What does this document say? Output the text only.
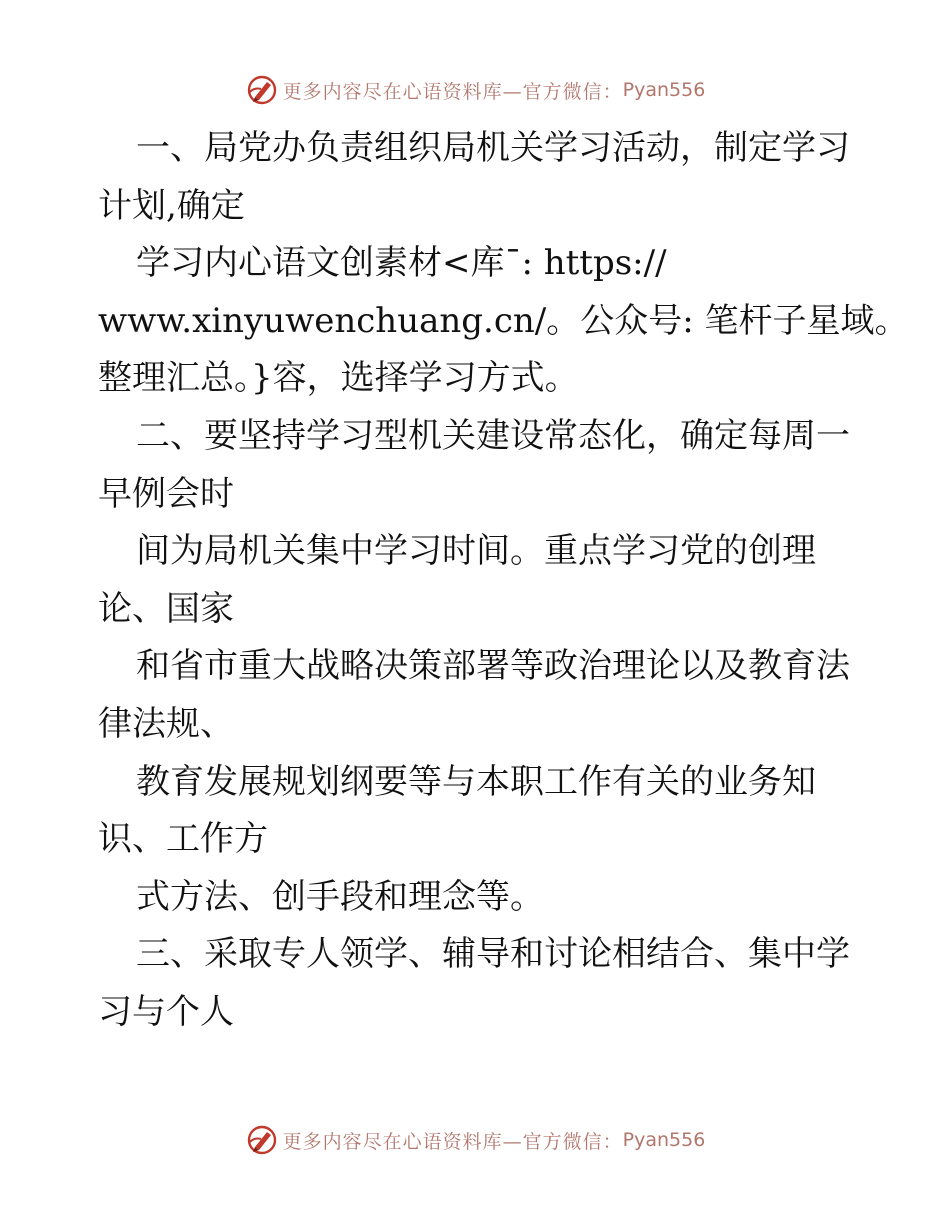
更多内容尽在心语资料库—官方微信： Pyan556
一、局党办负责组织局机关学习活动，制定学习
计划,确定
学习内心语文创素材<库¯: https://
www.xinyuwenchuang.cn/。公众号: 笔杆子星域。
整理汇总。}容，选择学习方式。
二、要坚持学习型机关建设常态化，确定每周一
早例会时
间为局机关集中学习时间。重点学习党的创理
论、国家
和省市重大战略决策部署等政治理论以及教育法
律法规、
教育发展规划纲要等与本职工作有关的业务知
识、工作方
式方法、创手段和理念等。
三、采取专人领学、辅导和讨论相结合、集中学
习与个人
更多内容尽在心语资料库—官方微信： Pyan556
